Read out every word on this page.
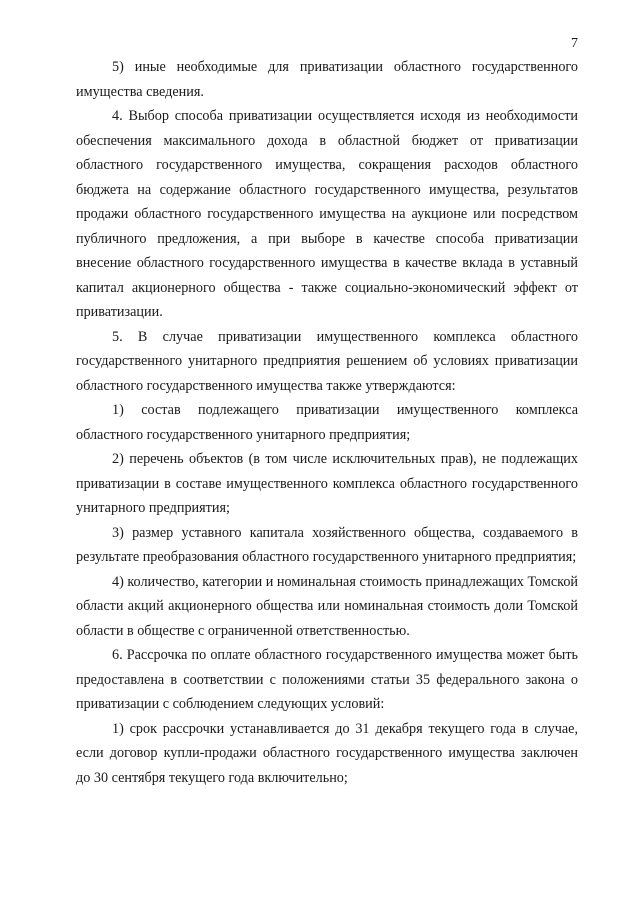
7

5) иные необходимые для приватизации областного государственного имущества сведения.

4. Выбор способа приватизации осуществляется исходя из необходимости обеспечения максимального дохода в областной бюджет от приватизации областного государственного имущества, сокращения расходов областного бюджета на содержание областного государственного имущества, результатов продажи областного государственного имущества на аукционе или посредством публичного предложения, а при выборе в качестве способа приватизации внесение областного государственного имущества в качестве вклада в уставный капитал акционерного общества - также социально-экономический эффект от приватизации.

5. В случае приватизации имущественного комплекса областного государственного унитарного предприятия решением об условиях приватизации областного государственного имущества также утверждаются:

1) состав подлежащего приватизации имущественного комплекса областного государственного унитарного предприятия;

2) перечень объектов (в том числе исключительных прав), не подлежащих приватизации в составе имущественного комплекса областного государственного унитарного предприятия;

3) размер уставного капитала хозяйственного общества, создаваемого в результате преобразования областного государственного унитарного предприятия;

4) количество, категории и номинальная стоимость принадлежащих Томской области акций акционерного общества или номинальная стоимость доли Томской области в обществе с ограниченной ответственностью.

6. Рассрочка по оплате областного государственного имущества может быть предоставлена в соответствии с положениями статьи 35 федерального закона о приватизации с соблюдением следующих условий:

1) срок рассрочки устанавливается до 31 декабря текущего года в случае, если договор купли-продажи областного государственного имущества заключен до 30 сентября текущего года включительно;
